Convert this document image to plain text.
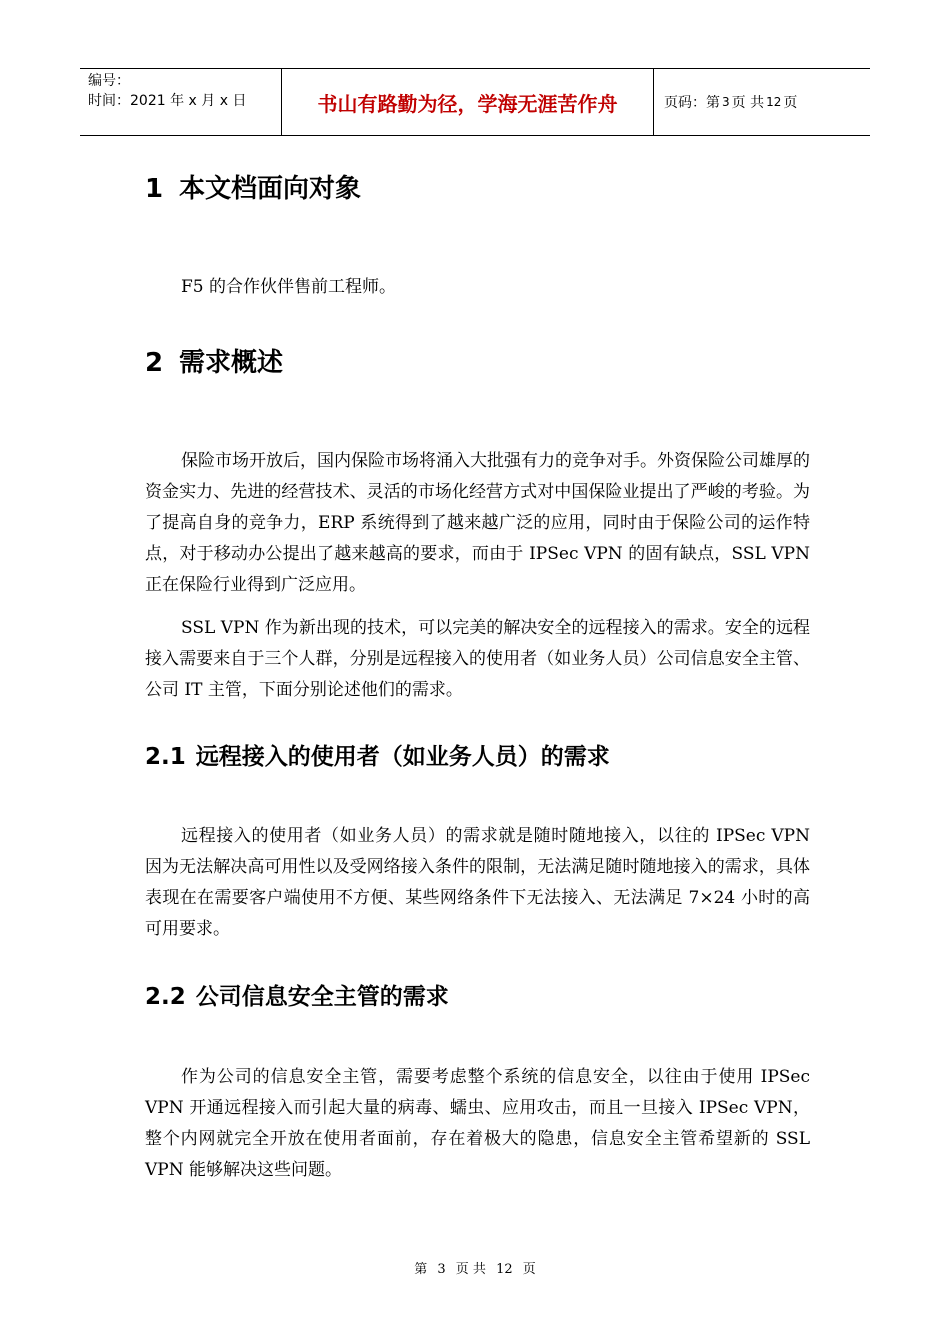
编号：
时间：2021 年 x 月 x 日	书山有路勤为径，学海无涯苦作舟	页码：第 3 页 共 12 页
1 本文档面向对象

F5 的合作伙伴售前工程师。

2 需求概述

保险市场开放后，国内保险市场将涌入大批强有力的竞争对手。外资保险公司雄厚的资金实力、先进的经营技术、灵活的市场化经营方式对中国保险业提出了严峻的考验。为了提高自身的竞争力，ERP 系统得到了越来越广泛的应用，同时由于保险公司的运作特点，对于移动办公提出了越来越高的要求，而由于 IPSec VPN 的固有缺点，SSL VPN 正在保险行业得到广泛应用。

SSL VPN 作为新出现的技术，可以完美的解决安全的远程接入的需求。安全的远程接入需要来自于三个人群，分别是远程接入的使用者（如业务人员）公司信息安全主管、公司 IT 主管，下面分别论述他们的需求。

2.1 远程接入的使用者（如业务人员）的需求

远程接入的使用者（如业务人员）的需求就是随时随地接入，以往的 IPSec VPN 因为无法解决高可用性以及受网络接入条件的限制，无法满足随时随地接入的需求，具体表现在在需要客户端使用不方便、某些网络条件下无法接入、无法满足 7×24 小时的高可用要求。

2.2 公司信息安全主管的需求

作为公司的信息安全主管，需要考虑整个系统的信息安全，以往由于使用 IPSec VPN 开通远程接入而引起大量的病毒、蠕虫、应用攻击，而且一旦接入 IPSec VPN，整个内网就完全开放在使用者面前，存在着极大的隐患，信息安全主管希望新的 SSL VPN 能够解决这些问题。

第 3 页 共 12 页
